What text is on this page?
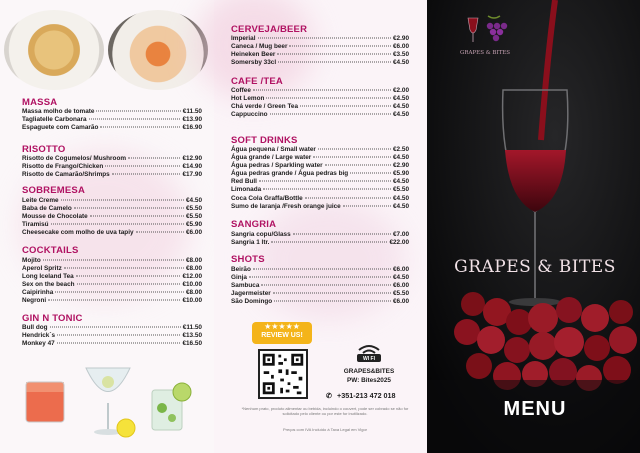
MASSA
Massa molho de tomate	€11.50
Tagliatelle Carbonara	€13.90
Espaguete com Camarão	€16.90
RISOTTO
Risotto de Cogumelos/ Mushroom	€12.90
Risotto de Frango/Chicken	€14.90
Risotto de Camarão/Shrimps	€17.90
SOBREMESA
Leite Creme	€4.50
Baba de Camelo	€5.50
Mousse de Chocolate	€5.50
Tiramisú	€5.90
Cheesecake com molho de uva tapiy	€6.00
COCKTAILS
Mojito	€8.00
Aperol Spritz	€8.00
Long Iceland Tea	€12.00
Sex on the beach	€10.00
Caipirinha	€8.00
Negroni	€10.00
GIN N TONIC
Bull dog	€11.50
Hendrick´s	€13.50
Monkey 47	€16.50
CERVEJA/BEER
Imperial	€2.90
Caneca / Mug beer	€6.00
Heineken Beer	€3.50
Somersby 33cl	€4.50
CAFE /TEA
Coffee	€2.00
Hot Lemon	€4.50
Chá verde / Green Tea	€4.50
Cappuccino	€4.50
SOFT DRINKS
Água pequena / Small water	€2.50
Água grande / Large water	€4.50
Água pedras / Sparkling water	€2.90
Água pedras grande / Água pedras big	€5.90
Red Bull	€4.50
Limonada	€5.50
Coca Cola Graffa/Bottle	€4.50
Sumo de laranja /Fresh orange juice	€4.50
SANGRIA
Sangria copu/Glass	€7.00
Sangria 1 ltr.	€22.00
SHOTS
Beirão	€6.00
Ginja	€4.50
Sambuca	€6.00
Jagermeister	€5.50
São Domingo	€6.00
★★★★★
REVIEW US!
WI FI
GRAPES&BITES
PW: Bites2025
✆ +351-213 472 018
*Nenhum prato, produto alimentar ou bebida, incluindo o couvert, pode ser cobrado se não for solicitado pelo cliente ou por este for inutilizado.
Preços com IVA Incluído à Taxa Legal em Vigor
GRAPES & BITES
GRAPES & BITES
MENU
